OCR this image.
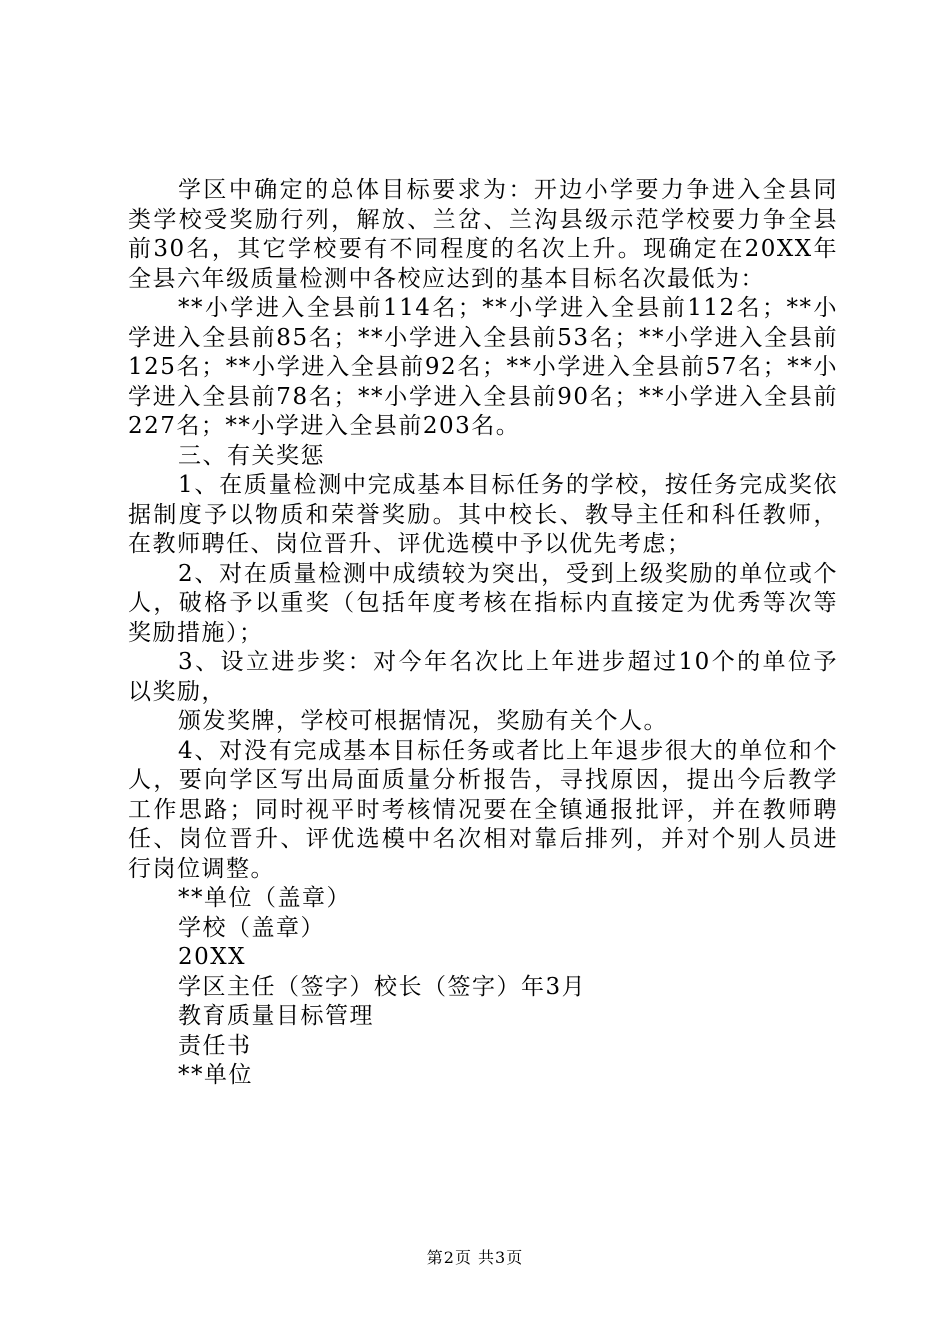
学区中确定的总体目标要求为：开边小学要力争进入全县同类学校受奖励行列，解放、兰岔、兰沟县级示范学校要力争全县前30名，其它学校要有不同程度的名次上升。现确定在20XX年全县六年级质量检测中各校应达到的基本目标名次最低为：

**小学进入全县前114名；**小学进入全县前112名；**小学进入全县前85名；**小学进入全县前53名；**小学进入全县前125名；**小学进入全县前92名；**小学进入全县前57名；**小学进入全县前78名；**小学进入全县前90名；**小学进入全县前227名；**小学进入全县前203名。

三、有关奖惩

1、在质量检测中完成基本目标任务的学校，按任务完成奖依据制度予以物质和荣誉奖励。其中校长、教导主任和科任教师，在教师聘任、岗位晋升、评优选模中予以优先考虑；

2、对在质量检测中成绩较为突出，受到上级奖励的单位或个人，破格予以重奖（包括年度考核在指标内直接定为优秀等次等奖励措施）；

3、设立进步奖：对今年名次比上年进步超过10个的单位予以奖励，

颁发奖牌，学校可根据情况，奖励有关个人。

4、对没有完成基本目标任务或者比上年退步很大的单位和个人，要向学区写出局面质量分析报告，寻找原因，提出今后教学工作思路；同时视平时考核情况要在全镇通报批评，并在教师聘任、岗位晋升、评优选模中名次相对靠后排列，并对个别人员进行岗位调整。

**单位（盖章）

学校（盖章）

20XX

学区主任（签字）校长（签字）年3月

教育质量目标管理

责任书

**单位

第2页 共3页
